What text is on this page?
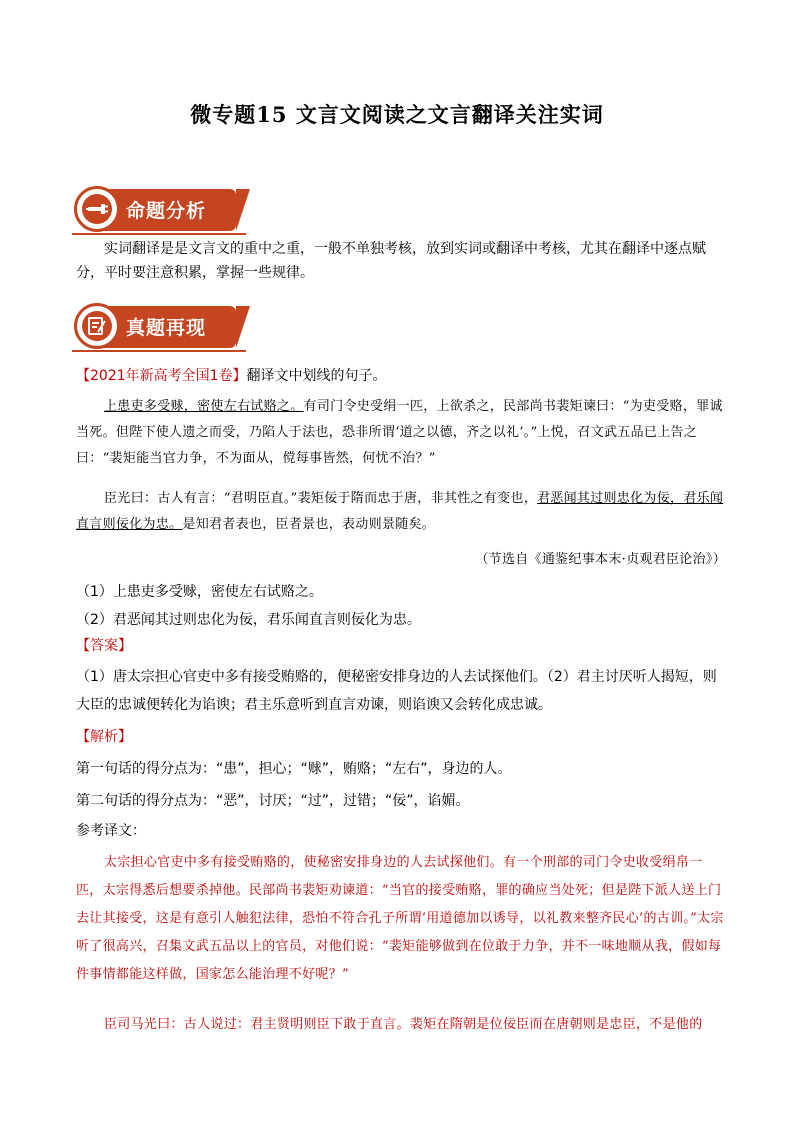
微专题15 文言文阅读之文言翻译关注实词
命题分析

实词翻译是是文言文的重中之重，一般不单独考核，放到实词或翻译中考核，尤其在翻译中逐点赋分，平时要注意积累，掌握一些规律。

真题再现

【2021年新高考全国1卷】翻译文中划线的句子。

上患吏多受赇，密使左右试赂之。有司门令史受绢一匹，上欲杀之，民部尚书裴矩谏曰：“为吏受赂，罪诚当死。但陛下使人遗之而受，乃陷人于法也，恐非所谓‘道之以德，齐之以礼’。”上悦，召文武五品已上告之曰：“裴矩能当官力争，不为面从，傥每事皆然，何忧不治？”

臣光曰：古人有言：“君明臣直。”裴矩佞于隋而忠于唐，非其性之有变也，君恶闻其过则忠化为佞，君乐闻直言则佞化为忠。是知君者表也，臣者景也，表动则景随矣。

（节选自《通鉴纪事本末·贞观君臣论治》）

（1）上患吏多受赇，密使左右试赂之。

（2）君恶闻其过则忠化为佞，君乐闻直言则佞化为忠。

【答案】

（1）唐太宗担心官吏中多有接受贿赂的，便秘密安排身边的人去试探他们。（2）君主讨厌听人揭短，则大臣的忠诚便转化为谄谀；君主乐意听到直言劝谏，则谄谀又会转化成忠诚。

【解析】

第一句话的得分点为：“患”，担心；“赇”，贿赂；“左右”，身边的人。

第二句话的得分点为：“恶”，讨厌；“过”，过错；“佞”，谄媚。

参考译文：

太宗担心官吏中多有接受贿赂的，使秘密安排身边的人去试探他们。有一个刑部的司门令史收受绢帛一匹，太宗得悉后想要杀掉他。民部尚书裴矩劝谏道：“当官的接受贿赂，罪的确应当处死；但是陛下派人送上门去让其接受，这是有意引人触犯法律，恐怕不符合孔子所谓‘用道德加以诱导，以礼教来整齐民心’的古训。”太宗听了很高兴，召集文武五品以上的官员，对他们说：“裴矩能够做到在位敢于力争，并不一味地顺从我，假如每件事情都能这样做，国家怎么能治理不好呢？”

臣司马光曰：古人说过：君主贤明则臣下敢于直言。裴矩在隋朝是位佞臣而在唐朝则是忠臣，不是他的
